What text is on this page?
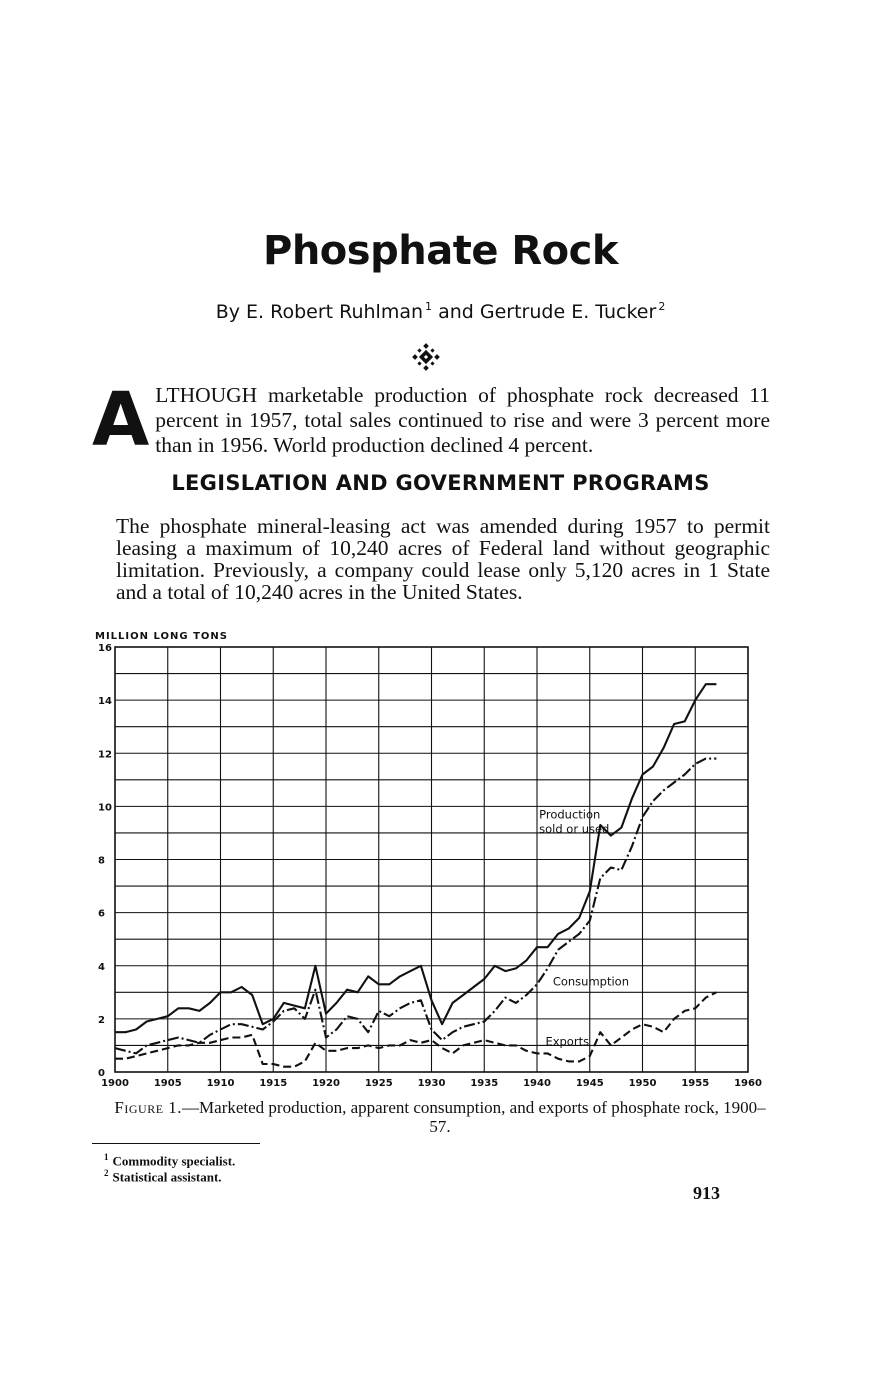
Phosphate Rock
By E. Robert Ruhlman $^1$ and Gertrude E. Tucker $^2$
A LTHOUGH marketable production of phosphate rock decreased 11 percent in 1957, total sales continued to rise and were 3 percent more than in 1956. World production declined 4 percent.
LEGISLATION AND GOVERNMENT PROGRAMS
The phosphate mineral-leasing act was amended during 1957 to permit leasing a maximum of 10,240 acres of Federal land without geographic limitation. Previously, a company could lease only 5,120 acres in 1 State and a total of 10,240 acres in the United States.
1900 1905 1910 1915 1920 1925 1930 1935 1940 1945 1950 1955 1960
0
2
4
6
8
10
12
14
16
MILLION LONG TONS
Production
sold or used
Consumption
Exports
Figure 1.—Marketed production, apparent consumption, and exports of phosphate rock, 1900–57.
$^1$ Commodity specialist.
$^2$ Statistical assistant.
913
